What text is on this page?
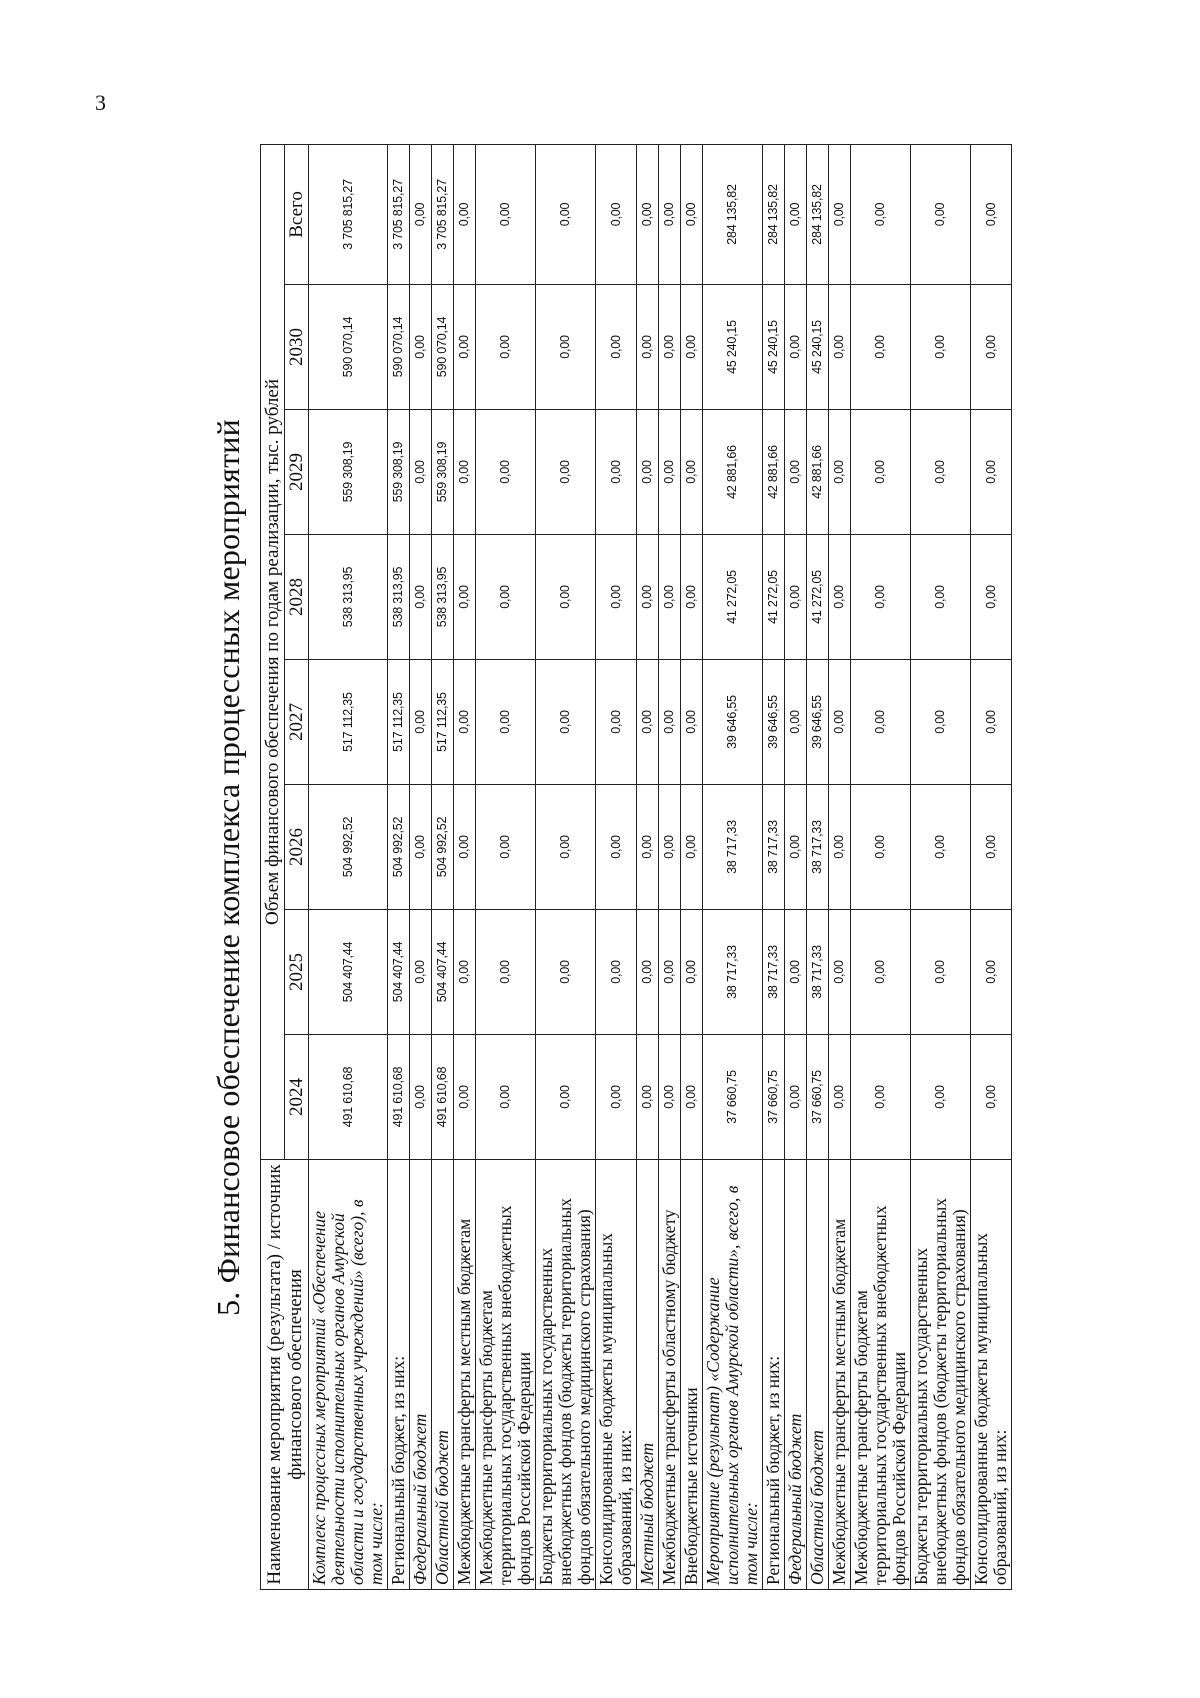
3
5. Финансовое обеспечение комплекса процессных мероприятий
Наименование мероприятия (результата) / источник финансового обеспечения	Объем финансового обеспечения по годам реализации, тыс. рублей							
	2024	2025	2026	2027	2028	2029	2030	Всего
Комплекс процессных мероприятий «Обеспечение деятельности исполнительных органов Амурской области и государственных учреждений» (всего), в том числе:	491 610,68	504 407,44	504 992,52	517 112,35	538 313,95	559 308,19	590 070,14	3 705 815,27
Региональный бюджет, из них:	491 610,68	504 407,44	504 992,52	517 112,35	538 313,95	559 308,19	590 070,14	3 705 815,27
Федеральный бюджет	0,00	0,00	0,00	0,00	0,00	0,00	0,00	0,00
Областной бюджет	491 610,68	504 407,44	504 992,52	517 112,35	538 313,95	559 308,19	590 070,14	3 705 815,27
Межбюджетные трансферты местным бюджетам	0,00	0,00	0,00	0,00	0,00	0,00	0,00	0,00
Межбюджетные трансферты бюджетам территориальных государственных внебюджетных фондов Российской Федерации	0,00	0,00	0,00	0,00	0,00	0,00	0,00	0,00
Бюджеты территориальных государственных внебюджетных фондов (бюджеты территориальных фондов обязательного медицинского страхования)	0,00	0,00	0,00	0,00	0,00	0,00	0,00	0,00
Консолидированные бюджеты муниципальных образований, из них:	0,00	0,00	0,00	0,00	0,00	0,00	0,00	0,00
Местный бюджет	0,00	0,00	0,00	0,00	0,00	0,00	0,00	0,00
Межбюджетные трансферты областному бюджету	0,00	0,00	0,00	0,00	0,00	0,00	0,00	0,00
Внебюджетные источники	0,00	0,00	0,00	0,00	0,00	0,00	0,00	0,00
Мероприятие (результат) «Содержание исполнительных органов Амурской области», всего, в том числе:	37 660,75	38 717,33	38 717,33	39 646,55	41 272,05	42 881,66	45 240,15	284 135,82
Региональный бюджет, из них:	37 660,75	38 717,33	38 717,33	39 646,55	41 272,05	42 881,66	45 240,15	284 135,82
Федеральный бюджет	0,00	0,00	0,00	0,00	0,00	0,00	0,00	0,00
Областной бюджет	37 660,75	38 717,33	38 717,33	39 646,55	41 272,05	42 881,66	45 240,15	284 135,82
Межбюджетные трансферты местным бюджетам	0,00	0,00	0,00	0,00	0,00	0,00	0,00	0,00
Межбюджетные трансферты бюджетам территориальных государственных внебюджетных фондов Российской Федерации	0,00	0,00	0,00	0,00	0,00	0,00	0,00	0,00
Бюджеты территориальных государственных внебюджетных фондов (бюджеты территориальных фондов обязательного медицинского страхования)	0,00	0,00	0,00	0,00	0,00	0,00	0,00	0,00
Консолидированные бюджеты муниципальных образований, из них:	0,00	0,00	0,00	0,00	0,00	0,00	0,00	0,00
